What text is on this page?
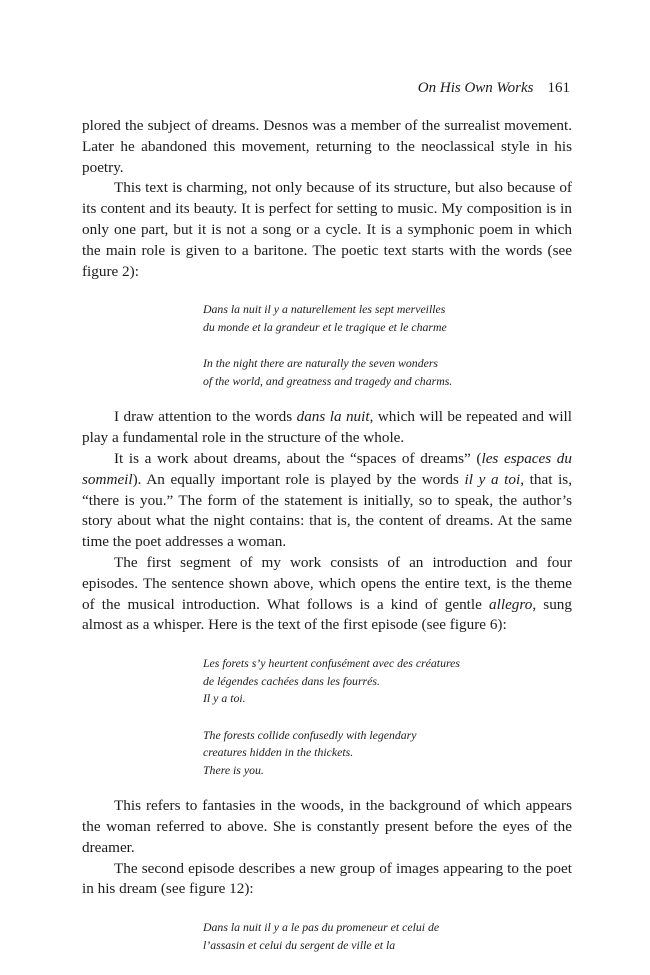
On His Own Works 161

plored the subject of dreams. Desnos was a member of the surrealist movement. Later he abandoned this movement, returning to the neoclassical style in his poetry.

This text is charming, not only because of its structure, but also because of its content and its beauty. It is perfect for setting to music. My composition is in only one part, but it is not a song or a cycle. It is a symphonic poem in which the main role is given to a baritone. The poetic text starts with the words (see figure 2):

Dans la nuit il y a naturellement les sept merveilles
du monde et la grandeur et le tragique et le charme
In the night there are naturally the seven wonders
of the world, and greatness and tragedy and charms.

I draw attention to the words dans la nuit, which will be repeated and will play a fundamental role in the structure of the whole.

It is a work about dreams, about the “spaces of dreams” (les espaces du sommeil). An equally important role is played by the words il y a toi, that is, “there is you.” The form of the statement is initially, so to speak, the author’s story about what the night contains: that is, the content of dreams. At the same time the poet addresses a woman.

The first segment of my work consists of an introduction and four episodes. The sentence shown above, which opens the entire text, is the theme of the musical introduction. What follows is a kind of gentle allegro, sung almost as a whisper. Here is the text of the first episode (see figure 6):

Les forets s’y heurtent confusément avec des créatures
de légendes cachées dans les fourrés.
Il y a toi.
The forests collide confusedly with legendary
creatures hidden in the thickets.
There is you.

This refers to fantasies in the woods, in the background of which appears the woman referred to above. She is constantly present before the eyes of the dreamer.

The second episode describes a new group of images appearing to the poet in his dream (see figure 12):

Dans la nuit il y a le pas du promeneur et celui de
l’assasin et celui du sergent de ville et la
